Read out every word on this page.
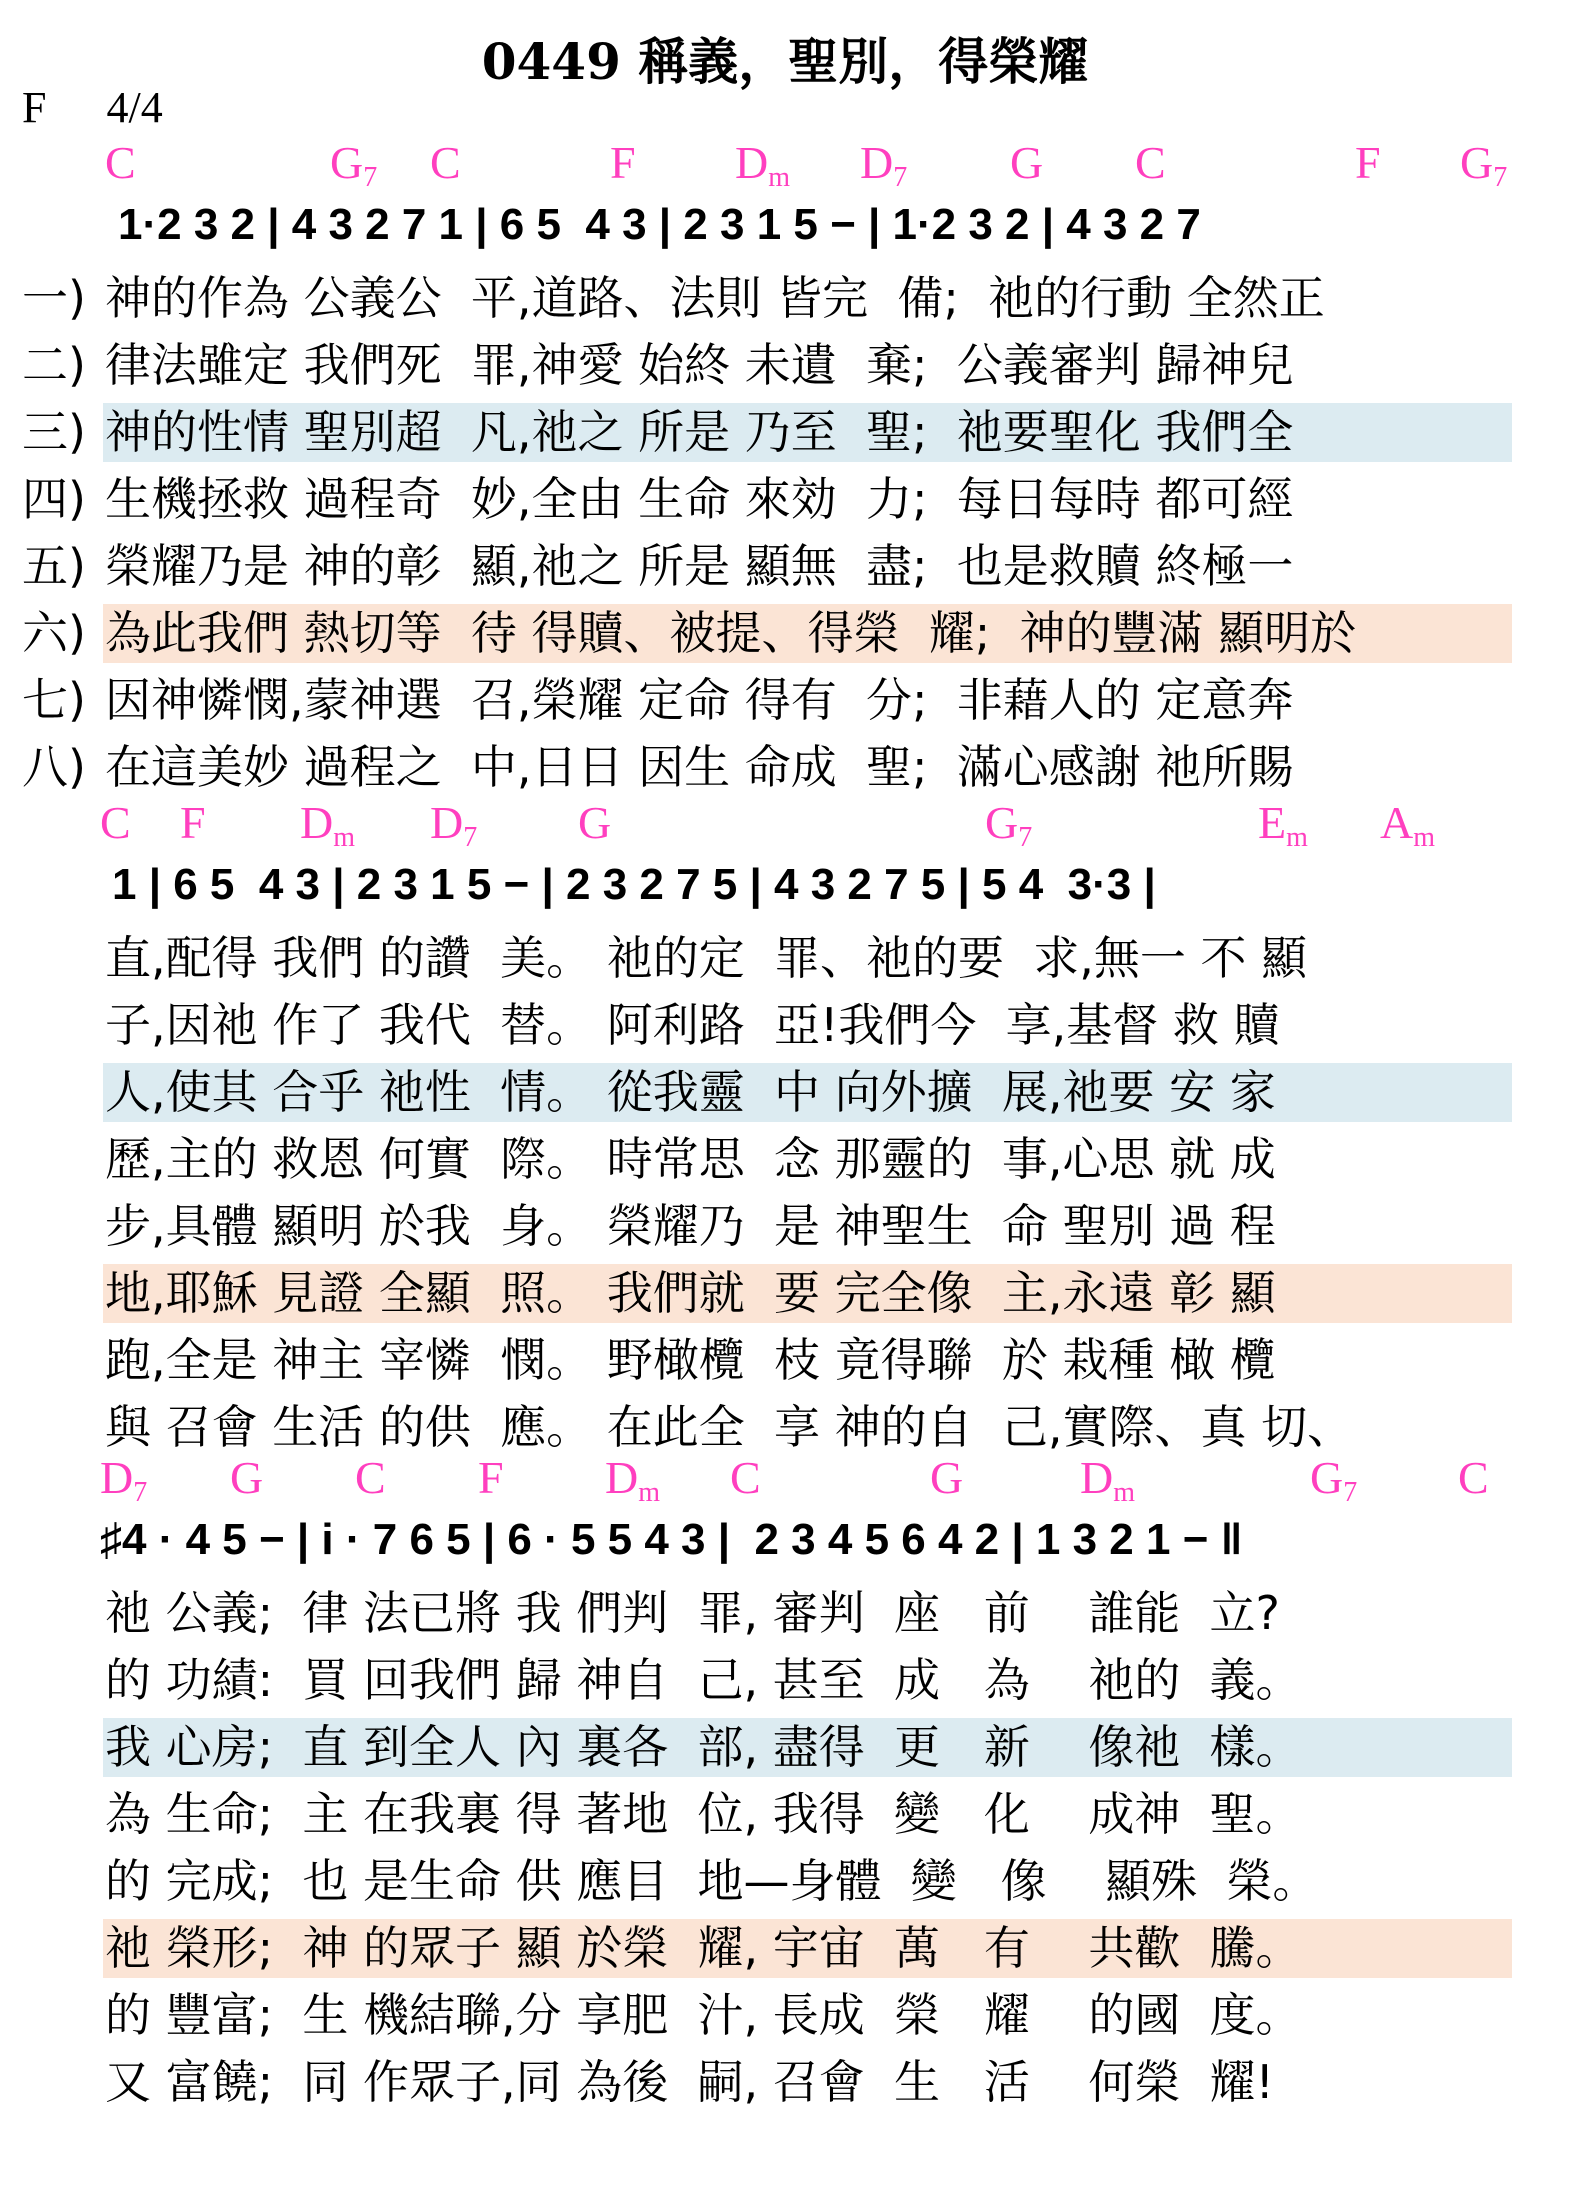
0449 稱義，聖別，得榮耀
F 4/4
C	$G_7$ C	F $D_m$ $D_7$ G C	F $G_7$
1·2 3 2 | 4 3 2 7 1 | 6 5  4 3 | 2 3 1 5 − | 1·2 3 2 | 4 3 2 7
一) 神的作為 公義公  平,道路、法則 皆完  備;  祂的行動 全然正
二) 律法雖定 我們死  罪,神愛 始終 未遺  棄;  公義審判 歸神兒
三) 神的性情 聖別超  凡,祂之 所是 乃至  聖;  祂要聖化 我們全
四) 生機拯救 過程奇  妙,全由 生命 來効  力;  每日每時 都可經
五) 榮耀乃是 神的彰  顯,祂之 所是 顯無  盡;  也是救贖 終極一
六) 為此我們 熱切等  待 得贖、被提、得榮  耀;  神的豐滿 顯明於
七) 因神憐憫,蒙神選  召,榮耀 定命 得有  分;  非藉人的 定意奔
八) 在這美妙 過程之  中,日日 因生 命成  聖;  滿心感謝 祂所賜
C F $D_m$ $D_7$ G	$G_7$	$E_m$ $A_m$
1 | 6 5  4 3 | 2 3 1 5 − | 2 3 2 7 5 | 4 3 2 7 5 | 5 4  3·3 |
直,配得 我們 的讚  美。 祂的定  罪、祂的要  求,無一 不 顯
子,因祂 作了 我代  替。 阿利路  亞!我們今  享,基督 救 贖
人,使其 合乎 祂性  情。 從我靈  中 向外擴  展,祂要 安 家
歷,主的 救恩 何實  際。 時常思  念 那靈的  事,心思 就 成
步,具體 顯明 於我  身。 榮耀乃  是 神聖生  命 聖別 過 程
地,耶穌 見證 全顯  照。 我們就  要 完全像  主,永遠 彰 顯
跑,全是 神主 宰憐  憫。 野橄欖  枝 竟得聯  於 栽種 橄 欖
與 召會 生活 的供  應。 在此全  享 神的自  己,實際、真 切、
$D_7$ G C F $D_m$ C	G	$D_m$	$G_7$ C
♯4 · 4 5 − | i · 7 6 5 | 6 · 5 5 4 3 |  2 3 4 5 6 4 2 | 1 3 2 1 − ‖
祂 公義;  律 法已將 我 們判  罪, 審判  座   前    誰能  立?
的 功績:  買 回我們 歸 神自  己, 甚至  成   為    祂的  義。
我 心房;  直 到全人 內 裏各  部, 盡得  更   新    像祂  樣。
為 生命;  主 在我裏 得 著地  位, 我得  變   化    成神  聖。
的 完成;  也 是生命 供 應目  地—身體  變   像    顯殊  榮。
祂 榮形;  神 的眾子 顯 於榮  耀, 宇宙  萬   有    共歡  騰。
的 豐富;  生 機結聯,分 享肥  汁, 長成  榮   耀    的國  度。
又 富饒;  同 作眾子,同 為後  嗣, 召會  生   活    何榮  耀!
